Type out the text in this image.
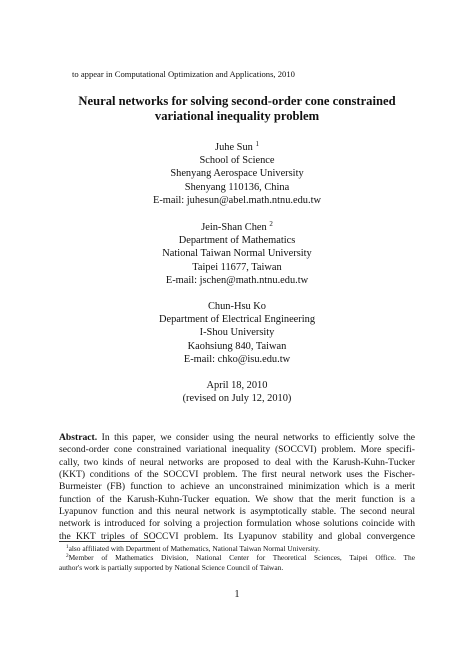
to appear in Computational Optimization and Applications, 2010
Neural networks for solving second-order cone constrained
variational inequality problem
Juhe Sun $^1$
School of Science
Shenyang Aerospace University
Shenyang 110136, China
E-mail: juhesun@abel.math.ntnu.edu.tw
Jein-Shan Chen $^2$
Department of Mathematics
National Taiwan Normal University
Taipei 11677, Taiwan
E-mail: jschen@math.ntnu.edu.tw
Chun-Hsu Ko
Department of Electrical Engineering
I-Shou University
Kaohsiung 840, Taiwan
E-mail: chko@isu.edu.tw
April 18, 2010
(revised on July 12, 2010)
Abstract. In this paper, we consider using the neural networks to efficiently solve the
second-order cone constrained variational inequality (SOCCVI) problem. More specifi-
cally, two kinds of neural networks are proposed to deal with the Karush-Kuhn-Tucker
(KKT) conditions of the SOCCVI problem. The first neural network uses the Fischer-
Burmeister (FB) function to achieve an unconstrained minimization which is a merit
function of the Karush-Kuhn-Tucker equation. We show that the merit function is a
Lyapunov function and this neural network is asymptotically stable. The second neural
network is introduced for solving a projection formulation whose solutions coincide with
the KKT triples of SOCCVI problem. Its Lyapunov stability and global convergence
$^1$also affiliated with Department of Mathematics, National Taiwan Normal University.
$^2$Member of Mathematics Division, National Center for Theoretical Sciences, Taipei Office. The
author's work is partially supported by National Science Council of Taiwan.
1
